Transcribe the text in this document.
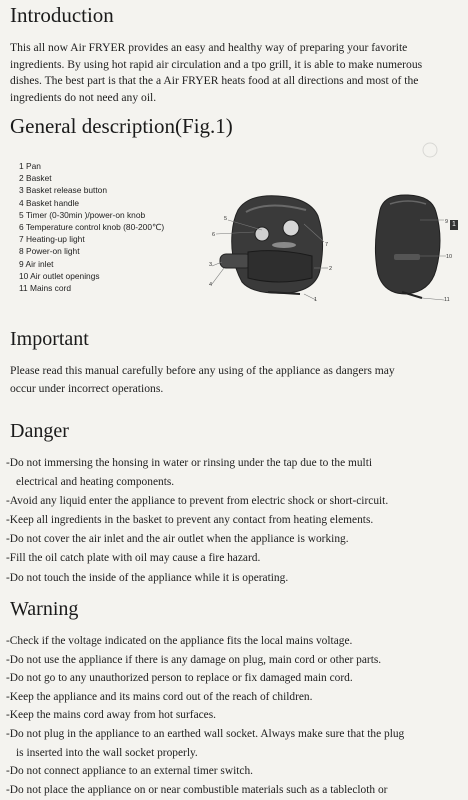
Introduction

This all now Air FRYER provides an easy and healthy way of preparing your favorite

ingredients. By using hot rapid air circulation and a tpo grill, it is able to make numerous

dishes. The best part is that the a Air FRYER heats food at all directions and most of the

ingredients do not need any oil.

General description(Fig.1)
1 Pan
2 Basket
3 Basket release button
4 Basket handle
5 Timer (0-30min )/power-on knob
6 Temperature control knob (80-200℃)
7 Heating-up light
8 Power-on light
9 Air inlet
10 Air outlet openings
11 Mains cord
6
5
7
2
3
4
1
9
10
11
1
Important

Please read this manual carefully before any using of the appliance as dangers may

occur under incorrect operations.

Danger
-Do not immersing the honsing in water or rinsing under the tap due to the multi
electrical and heating components.
-Avoid any liquid enter the appliance to prevent from electric shock or short-circuit.
-Keep all ingredients in the basket to prevent any contact from heating elements.
-Do not cover the air inlet and the air outlet when the appliance is working.
-Fill the oil catch plate with oil may cause a fire hazard.
-Do not touch the inside of the appliance while it is operating.
Warning
-Check if the voltage indicated on the appliance fits the local mains voltage.
-Do not use the appliance if there is any damage on plug, main cord or other parts.
-Do not go to any unauthorized person to replace or fix damaged main cord.
-Keep the appliance and its mains cord out of the reach of children.
-Keep the mains cord away from hot surfaces.
-Do not plug in the appliance to an earthed wall socket. Always make sure that the plug
is inserted into the wall socket properly.
-Do not connect appliance to an external timer switch.
-Do not place the appliance on or near combustible materials such as a tablecloth or
